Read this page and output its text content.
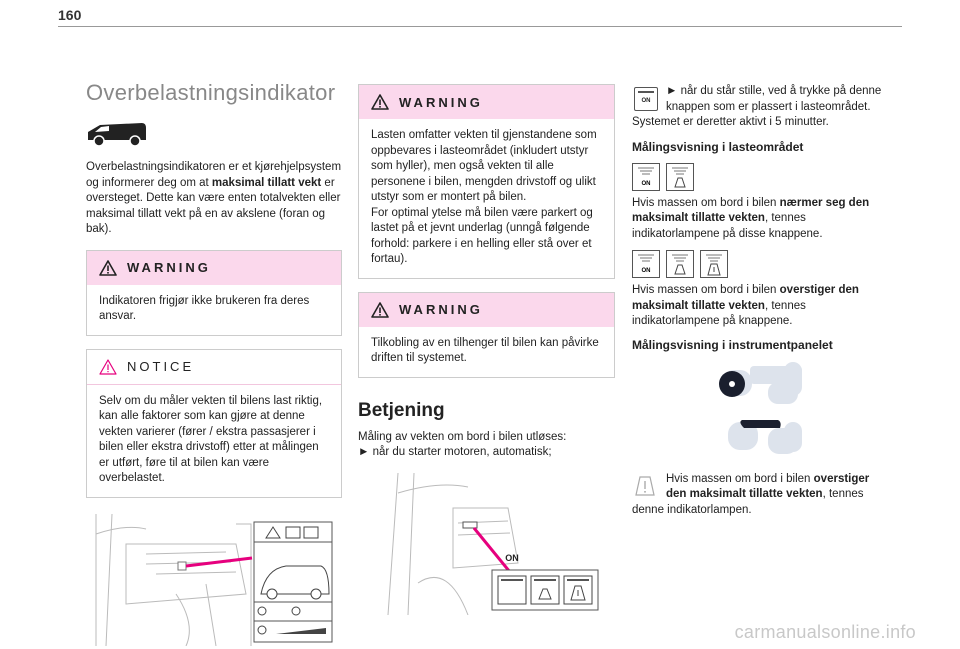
160
Overbelastningsindikator

Overbelastningsindikatoren er et kjørehjelpsystem og informerer deg om at maksimal tillatt vekt er oversteget. Dette kan være enten totalvekten eller maksimal tillatt vekt på en av akslene (foran og bak).

WARNING
Indikatoren frigjør ikke brukeren fra deres ansvar.
NOTICE
Selv om du måler vekten til bilens last riktig, kan alle faktorer som kan gjøre at denne vekten varierer (fører / ekstra passasjerer i bilen eller ekstra drivstoff) etter at målingen er utført, føre til at bilen kan være overbelastet.
WARNING
Lasten omfatter vekten til gjenstandene som oppbevares i lasteområdet (inkludert utstyr som hyller), men også vekten til alle personene i bilen, mengden drivstoff og ulikt utstyr som er montert på bilen.
For optimal ytelse må bilen være parkert og lastet på et jevnt underlag (unngå følgende forhold: parkere i en helling eller stå over et fortau).
WARNING
Tilkobling av en tilhenger til bilen kan påvirke driften til systemet.
Betjening

Måling av vekten om bord i bilen utløses:

► når du starter motoren, automatisk;

ON
ON

► når du står stille, ved å trykke på denne knappen som er plassert i lasteområdet. Systemet er deretter aktivt i 5 minutter.

Målingsvisning i lasteområdet
ON

Hvis massen om bord i bilen nærmer seg den maksimalt tillatte vekten, tennes indikatorlampene på disse knappene.

ON

Hvis massen om bord i bilen overstiger den maksimalt tillatte vekten, tennes indikatorlampene på knappene.

Målingsvisning i instrumentpanelet

Hvis massen om bord i bilen overstiger den maksimalt tillatte vekten, tennes denne indikatorlampen.

carmanualsonline.info
